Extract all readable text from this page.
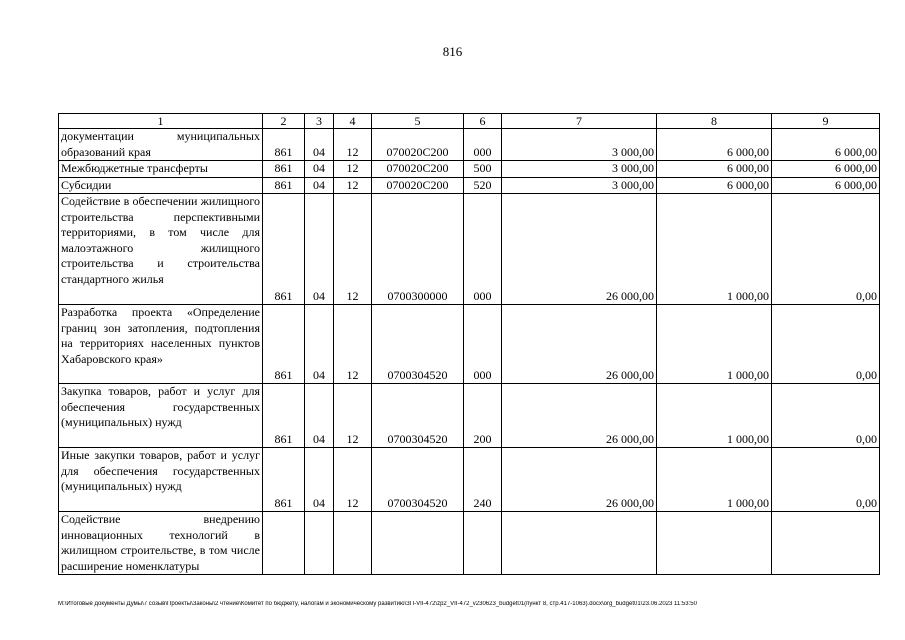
816
1	2	3	4	5	6	7	8	9
документации муниципальных образований края	861	04	12	070020С200	000	3 000,00	6 000,00	6 000,00
Межбюджетные трансферты	861	04	12	070020С200	500	3 000,00	6 000,00	6 000,00
Субсидии	861	04	12	070020С200	520	3 000,00	6 000,00	6 000,00
Содействие в обеспечении жилищного строительства перспективными территориями, в том числе для малоэтажного жилищного строительства и строительства стандартного жилья	861	04	12	0700300000	000	26 000,00	1 000,00	0,00
Разработка проекта «Определение границ зон затопления, подтопления на территориях населенных пунктов Хабаровского края»	861	04	12	0700304520	000	26 000,00	1 000,00	0,00
Закупка товаров, работ и услуг для обеспечения государственных (муниципальных) нужд	861	04	12	0700304520	200	26 000,00	1 000,00	0,00
Иные закупки товаров, работ и услуг для обеспечения государственных (муниципальных) нужд	861	04	12	0700304520	240	26 000,00	1 000,00	0,00
Содействие внедрению инновационных технологий в жилищном строительстве, в том числе расширение номенклатуры								
M:\Итоговые документы Думы\7 созыв\Проекты\Законы\2 чтение\Комитет по бюджету, налогам и экономическому развитию\ЗП-VII-472\zp2_VII-472_v230623_budget01(пункт 8, стр.417-1063).docx\org_budget01\23.06.2023 11:53:50
